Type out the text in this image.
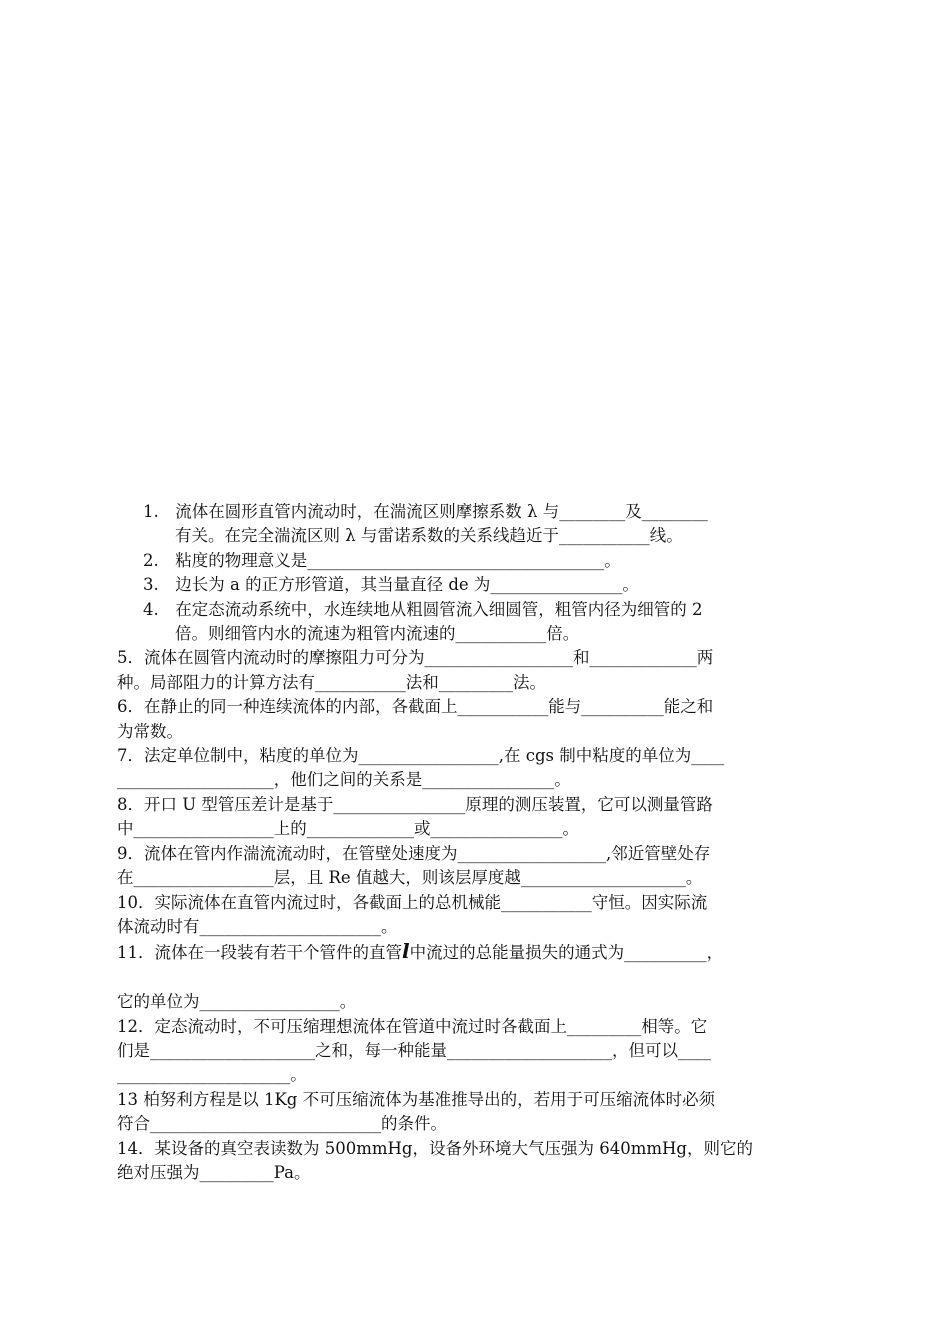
1.　流体在圆形直管内流动时，在湍流区则摩擦系数 λ 与________及________
有关。在完全湍流区则 λ 与雷诺系数的关系线趋近于___________线。

2.　粘度的物理意义是____________________________________。

3.　边长为 a 的正方形管道，其当量直径 de 为________________。

4.　在定态流动系统中，水连续地从粗圆管流入细圆管，粗管内径为细管的 2
倍。则细管内水的流速为粗管内流速的___________倍。

5．流体在圆管内流动时的摩擦阻力可分为__________________和_____________两
种。局部阻力的计算方法有___________法和_________法。

6．在静止的同一种连续流体的内部，各截面上___________能与__________能之和
为常数。

7．法定单位制中，粘度的单位为_________________,在 cgs 制中粘度的单位为____
___________________，他们之间的关系是________________。

8．开口 U 型管压差计是基于________________原理的测压装置，它可以测量管路
中_________________上的_____________或________________。

9．流体在管内作湍流流动时，在管壁处速度为__________________,邻近管壁处存
在_________________层，且 Re 值越大，则该层厚度越____________________。

10．实际流体在直管内流过时，各截面上的总机械能___________守恒。因实际流
体流动时有______________________。

11．流体在一段装有若干个管件的直管l中流过的总能量损失的通式为__________，
它的单位为_________________。

12．定态流动时，不可压缩理想流体在管道中流过时各截面上_________相等。它
们是____________________之和，每一种能量____________________，但可以____
_____________________。

13 柏努利方程是以 1Kg 不可压缩流体为基准推导出的，若用于可压缩流体时必须
符合____________________________的条件。

14．某设备的真空表读数为 500mmHg，设备外环境大气压强为 640mmHg，则它的
绝对压强为_________Pa。
